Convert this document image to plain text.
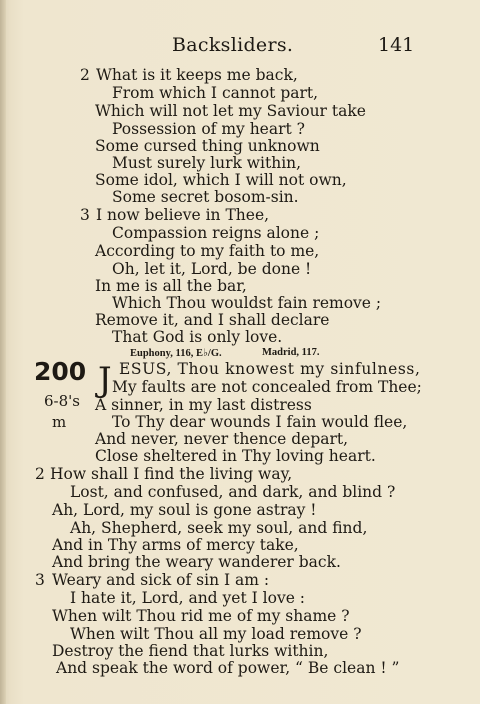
Backsliders.	141
2 What is it keeps me back,
From which I cannot part,
Which will not let my Saviour take
Possession of my heart ?
Some cursed thing unknown
Must surely lurk within,
Some idol, which I will not own,
Some secret bosom-sin.
3 I now believe in Thee,
Compassion reigns alone ;
According to my faith to me,
Oh, let it, Lord, be done !
In me is all the bar,
Which Thou wouldst fain remove ;
Remove it, and I shall declare
That God is only love.
Euphony, 116, E♭/G.	Madrid, 117.
200
6-8's
m
J ESUS, Thou knowest my sinfulness,
My faults are not concealed from Thee;
A sinner, in my last distress
To Thy dear wounds I fain would flee,
And never, never thence depart,
Close sheltered in Thy loving heart.
2 How shall I find the living way,
Lost, and confused, and dark, and blind ?
Ah, Lord, my soul is gone astray !
Ah, Shepherd, seek my soul, and find,
And in Thy arms of mercy take,
And bring the weary wanderer back.
3 Weary and sick of sin I am :
I hate it, Lord, and yet I love :
When wilt Thou rid me of my shame ?
When wilt Thou all my load remove ?
Destroy the fiend that lurks within,
And speak the word of power, “ Be clean ! ”
